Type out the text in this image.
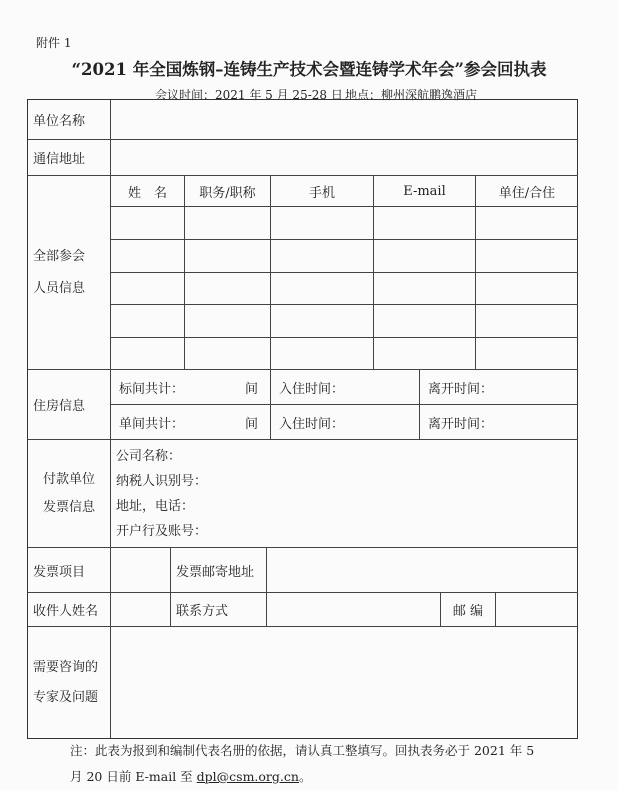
附件 1
“2021 年全国炼钢–连铸生产技术会暨连铸学术年会”参会回执表
会议时间：2021 年 5 月 25-28 日 地点：柳州深航鹏逸酒店
单位名称
通信地址
全部参会
人员信息
姓　名	职务/职称	手机	E-mail	单住/合住
住房信息
标间共计：	间 入住时间：	离开时间：
单间共计：	间 入住时间：	离开时间：
付款单位
发票信息
公司名称：
纳税人识别号：
地址，电话：
开户行及账号：
发票项目	发票邮寄地址
收件人姓名	联系方式	邮 编
需要咨询的
专家及问题
注：此表为报到和编制代表名册的依据，请认真工整填写。回执表务必于 2021 年 5 月 20 日前 E-mail 至 dpl@csm.org.cn。
